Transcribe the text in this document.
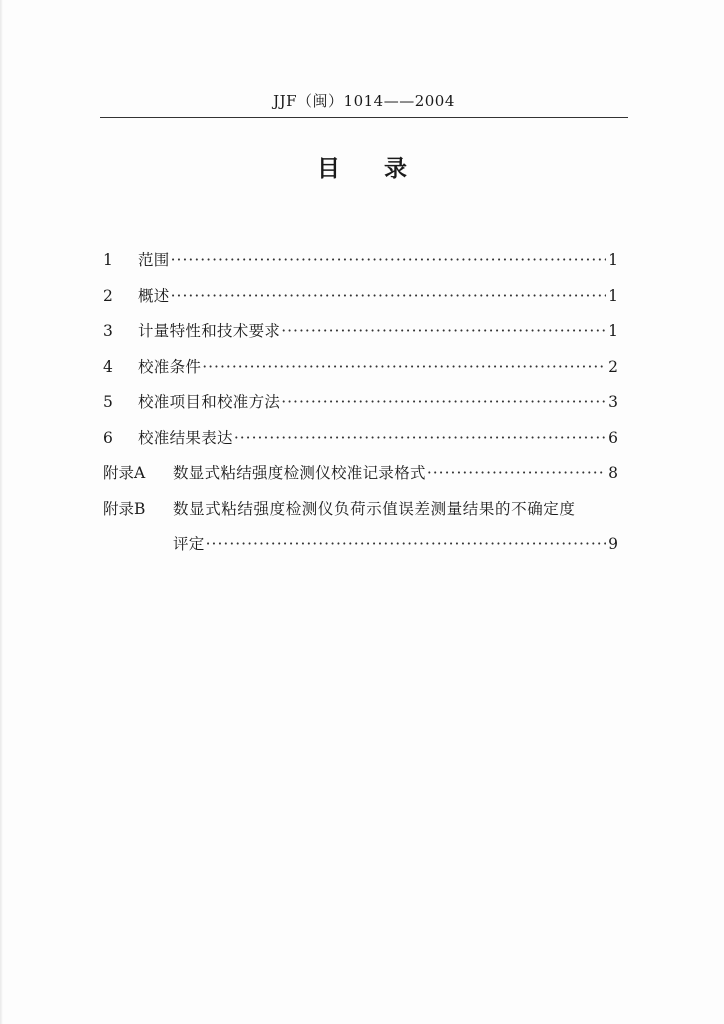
JJF（闽）1014——2004
目录
1	范围 ·····	1
2	概述 ·····	1
3	计量特性和技术要求 ·····	1
4	校准条件 ·····	2
5	校准项目和校准方法 ·····	3
6	校准结果表达 ·····	6
附录A	数显式粘结强度检测仪校准记录格式 ·····	8
附录B	数显式粘结强度检测仪负荷示值误差测量结果的不确定度
评定 ·····	9
